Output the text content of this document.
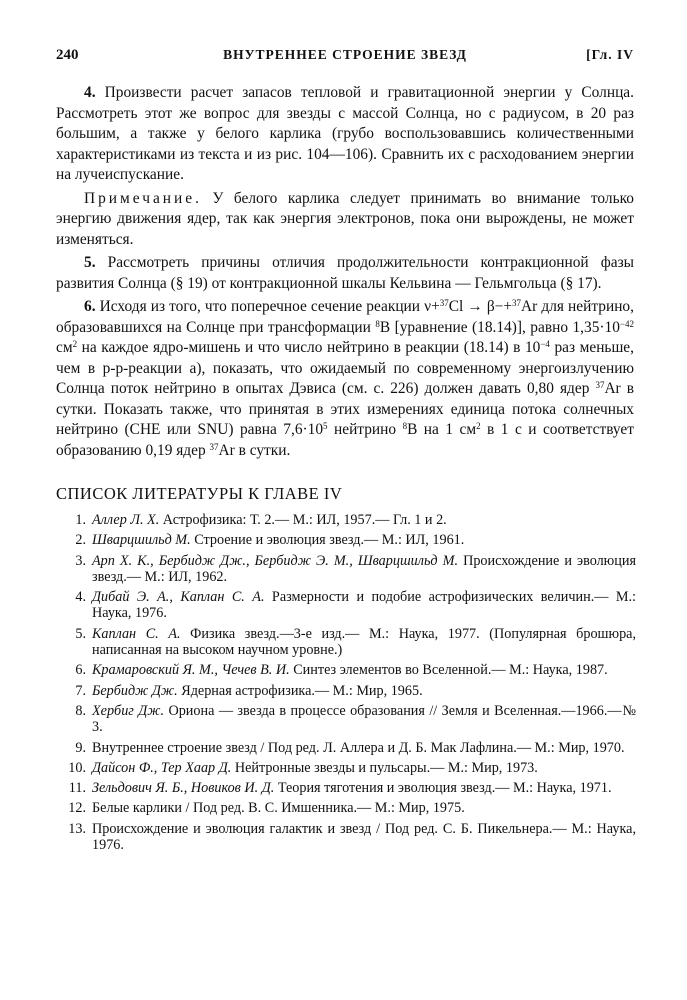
240	ВНУТРЕННЕЕ СТРОЕНИЕ ЗВЕЗД	[Гл. IV

4. Произвести расчет запасов тепловой и гравитационной энергии у Солнца. Рассмотреть этот же вопрос для звезды с массой Солнца, но с радиусом, в 20 раз большим, а также у белого карлика (грубо воспользовавшись количественными характеристиками из текста и из рис. 104—106). Сравнить их с расходованием энергии на лучеиспускание.

Примечание. У белого карлика следует принимать во внимание только энергию движения ядер, так как энергия электронов, пока они вырождены, не может изменяться.

5. Рассмотреть причины отличия продолжительности контракционной фазы развития Солнца (§ 19) от контракционной шкалы Кельвина — Гельмгольца (§ 17).

6. Исходя из того, что поперечное сечение реакции ν+$^{37}$Cl → β−+$^{37}$Ar для нейтрино, образовавшихся на Солнце при трансформации $^8$B [уравнение (18.14)], равно $1,35\cdot 10^{-42}$ $см^2$ на каждое ядро-мишень и что число нейтрино в реакции (18.14) в $10^{-4}$ раз меньше, чем в p-p-реакции а), показать, что ожидаемый по современному энергоизлучению Солнца поток нейтрино в опытах Дэвиса (см. с. 226) должен давать 0,80 ядер $^{37}$Ar в сутки. Показать также, что принятая в этих измерениях единица потока солнечных нейтрино (CHE или SNU) равна $7,6\cdot 10^5$ нейтрино $^8$B на 1 $см^2$ в 1 с и соответствует образованию 0,19 ядер $^{37}$Ar в сутки.

СПИСОК ЛИТЕРАТУРЫ К ГЛАВЕ IV
1. Аллер Л. Х. Астрофизика: Т. 2.— М.: ИЛ, 1957.— Гл. 1 и 2.
2. Шварцшильд М. Строение и эволюция звезд.— М.: ИЛ, 1961.
3. Арп Х. К., Бербидж Дж., Бербидж Э. М., Шварцшильд М. Происхождение и эволюция звезд.— М.: ИЛ, 1962.
4. Дибай Э. А., Каплан С. А. Размерности и подобие астрофизических величин.— М.: Наука, 1976.
5. Каплан С. А. Физика звезд.—3-е изд.— М.: Наука, 1977. (Популярная брошюра, написанная на высоком научном уровне.)
6. Крамаровский Я. М., Чечев В. И. Синтез элементов во Вселенной.— М.: Наука, 1987.
7. Бербидж Дж. Ядерная астрофизика.— М.: Мир, 1965.
8. Хербиг Дж. Ориона — звезда в процессе образования // Земля и Вселенная.—1966.—№ 3.
9. Внутреннее строение звезд / Под ред. Л. Аллера и Д. Б. Мак Лафлина.— М.: Мир, 1970.
10. Дайсон Ф., Тер Хаар Д. Нейтронные звезды и пульсары.— М.: Мир, 1973.
11. Зельдович Я. Б., Новиков И. Д. Теория тяготения и эволюция звезд.— М.: Наука, 1971.
12. Белые карлики / Под ред. В. С. Имшенника.— М.: Мир, 1975.
13. Происхождение и эволюция галактик и звезд / Под ред. С. Б. Пикельнера.— М.: Наука, 1976.
